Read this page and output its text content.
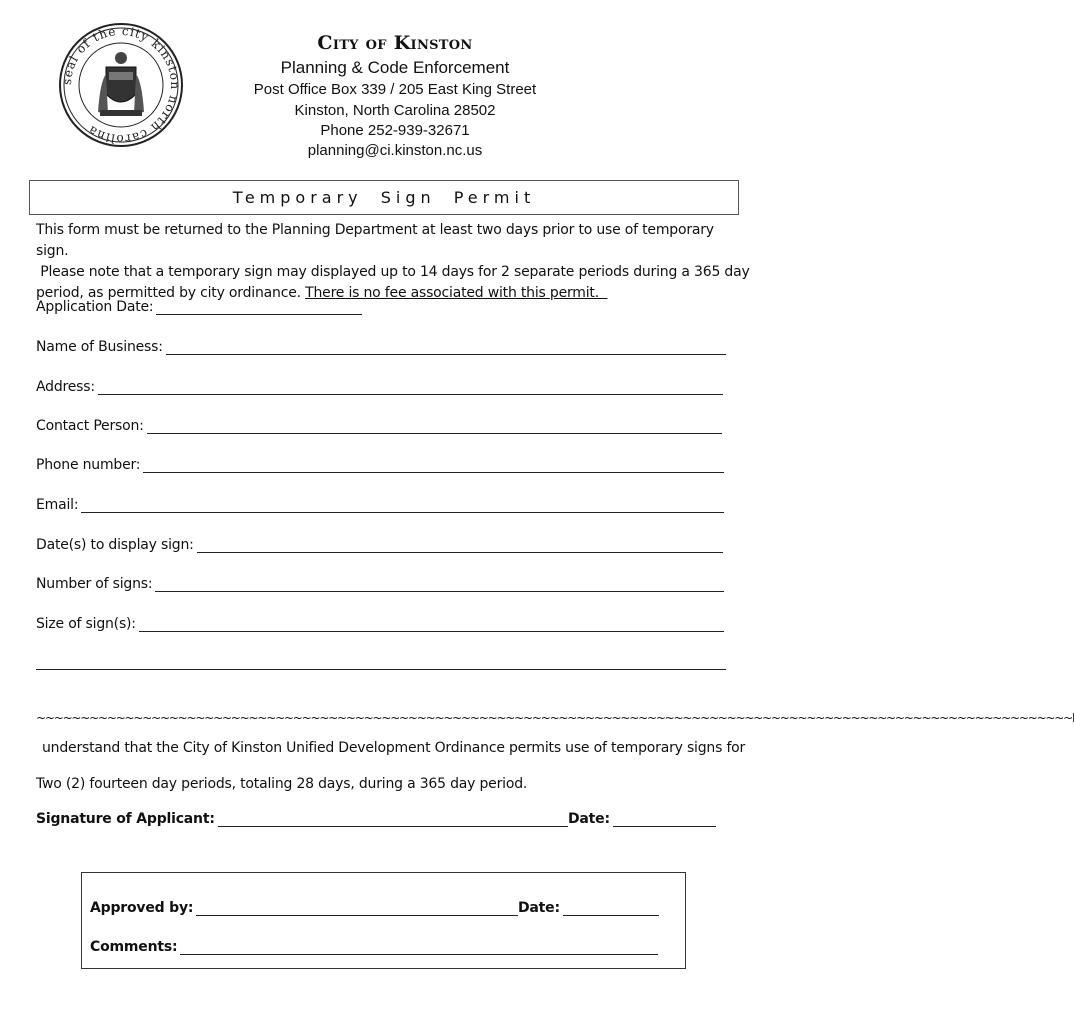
seal of the city kinston north carolina
City of Kinston
Planning & Code Enforcement
Post Office Box 339 / 205 East King Street
Kinston, North Carolina 28502
Phone 252-939-32671
planning@ci.kinston.nc.us
Temporary Sign Permit
This form must be returned to the Planning Department at least two days prior to use of temporary sign.
Please note that a temporary sign may displayed up to 14 days for 2 separate periods during a 365 day
period, as permitted by city ordinance. There is no fee associated with this permit.
Application Date:
Name of Business:
Address:
Contact Person:
Phone number:
Email:
Date(s) to display sign:
Number of signs:
Size of sign(s):
~~~~~~~~~~~~~~~~~~~~~~~~~~~~~~~~~~~~~~~~~~~~~~~~~~~~~~~~~~~~~~~~~~~~~~~~~~~~~~~~~~~~~~~~~~~~~~~~~~~~~~~~~~~~~~~~~~~~~I
understand that the City of Kinston Unified Development Ordinance permits use of temporary signs for
Two (2) fourteen day periods, totaling 28 days, during a 365 day period.
Signature of Applicant:	Date:
Approved by:	Date:
Comments:
